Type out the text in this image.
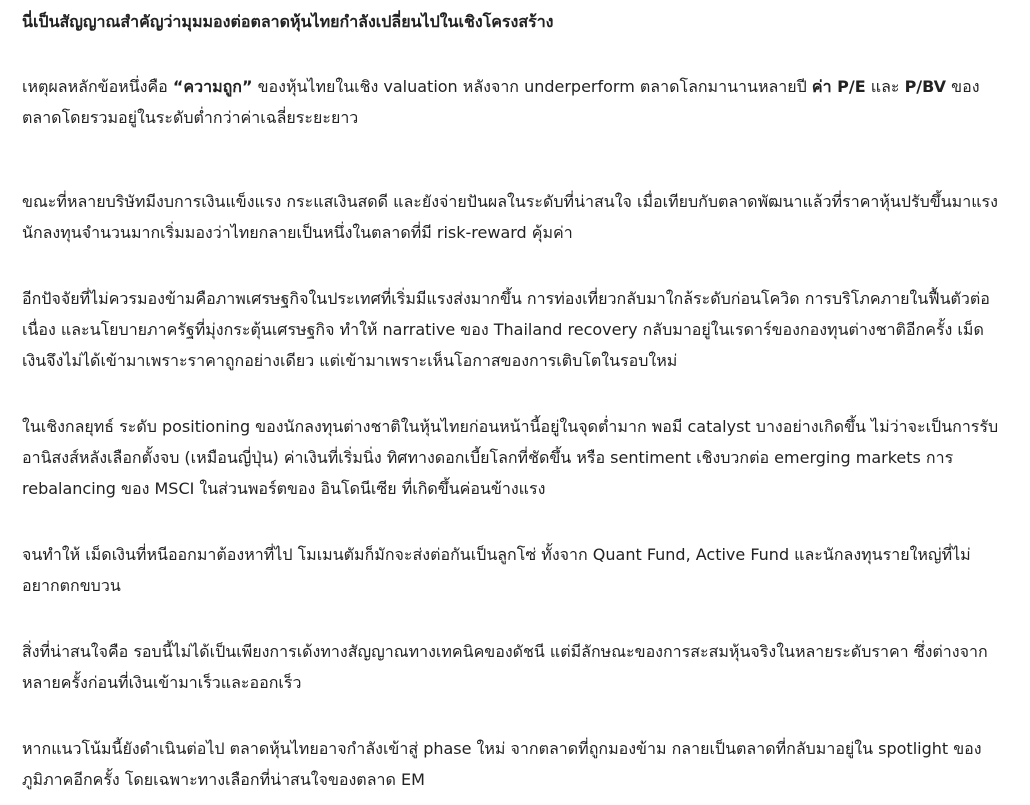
นี่เป็นสัญญาณสำคัญว่ามุมมองต่อตลาดหุ้นไทยกำลังเปลี่ยนไปในเชิงโครงสร้าง

เหตุผลหลักข้อหนึ่งคือ “ความถูก” ของหุ้นไทยในเชิง valuation หลังจาก underperform ตลาดโลกมานานหลายปี ค่า P/E และ P/BV ของตลาดโดยรวมอยู่ในระดับต่ำกว่าค่าเฉลี่ยระยะยาว

ขณะที่หลายบริษัทมีงบการเงินแข็งแรง กระแสเงินสดดี และยังจ่ายปันผลในระดับที่น่าสนใจ เมื่อเทียบกับตลาดพัฒนาแล้วที่ราคาหุ้นปรับขึ้นมาแรง นักลงทุนจำนวนมากเริ่มมองว่าไทยกลายเป็นหนึ่งในตลาดที่มี risk-reward คุ้มค่า

อีกปัจจัยที่ไม่ควรมองข้ามคือภาพเศรษฐกิจในประเทศที่เริ่มมีแรงส่งมากขึ้น การท่องเที่ยวกลับมาใกล้ระดับก่อนโควิด การบริโภคภายในฟื้นตัวต่อเนื่อง และนโยบายภาครัฐที่มุ่งกระตุ้นเศรษฐกิจ ทำให้ narrative ของ Thailand recovery กลับมาอยู่ในเรดาร์ของกองทุนต่างชาติอีกครั้ง เม็ดเงินจึงไม่ได้เข้ามาเพราะราคาถูกอย่างเดียว แต่เข้ามาเพราะเห็นโอกาสของการเติบโตในรอบใหม่

ในเชิงกลยุทธ์ ระดับ positioning ของนักลงทุนต่างชาติในหุ้นไทยก่อนหน้านี้อยู่ในจุดต่ำมาก พอมี catalyst บางอย่างเกิดขึ้น ไม่ว่าจะเป็นการรับอานิสงส์หลังเลือกตั้งจบ (เหมือนญี่ปุ่น) ค่าเงินที่เริ่มนิ่ง ทิศทางดอกเบี้ยโลกที่ชัดขึ้น หรือ sentiment เชิงบวกต่อ emerging markets การ rebalancing ของ MSCI ในส่วนพอร์ตของ อินโดนีเซีย ที่เกิดขึ้นค่อนข้างแรง

จนทำให้ เม็ดเงินที่หนีออกมาต้องหาที่ไป โมเมนตัมก็มักจะส่งต่อกันเป็นลูกโซ่ ทั้งจาก Quant Fund, Active Fund และนักลงทุนรายใหญ่ที่ไม่อยากตกขบวน

สิ่งที่น่าสนใจคือ รอบนี้ไม่ได้เป็นเพียงการเด้งทางสัญญาณทางเทคนิคของดัชนี แต่มีลักษณะของการสะสมหุ้นจริงในหลายระดับราคา ซึ่งต่างจากหลายครั้งก่อนที่เงินเข้ามาเร็วและออกเร็ว

หากแนวโน้มนี้ยังดำเนินต่อไป ตลาดหุ้นไทยอาจกำลังเข้าสู่ phase ใหม่ จากตลาดที่ถูกมองข้าม กลายเป็นตลาดที่กลับมาอยู่ใน spotlight ของภูมิภาคอีกครั้ง โดยเฉพาะทางเลือกที่น่าสนใจของตลาด EM
